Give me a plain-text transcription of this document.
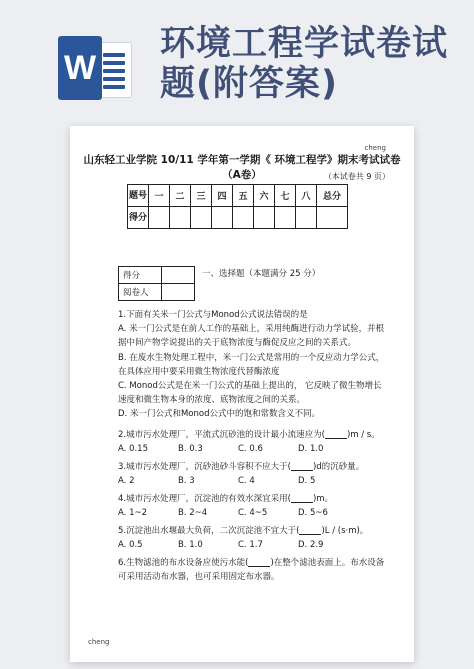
W
环境工程学试卷试题(附答案)
cheng
山东轻工业学院 10/11 学年第一学期《 环境工程学》期末考试试卷
（A卷）	（本试卷共 9 页）
题号	一	二	三	四	五	六	七	八	总分
得分									
得分	
阅卷人	
一、选择题（本题满分 25 分）

1.下面有关米一门公式与Monod公式说法错误的是

A. 米一门公式是在前人工作的基础上，采用纯酶进行动力学试验，并根据中间产物学说提出的关于底物浓度与酶促反应之间的关系式。

B. 在废水生物处理工程中，米一门公式是常用的一个反应动力学公式，在具体应用中要采用微生物浓度代替酶浓度

C. Monod公式是在米一门公式的基础上提出的， 它反映了微生物增长速度和微生物本身的浓度、底物浓度之间的关系。

D. 米一门公式和Monod公式中的饱和常数含义不同。

2.城市污水处理厂，平流式沉砂池的设计最小流速应为(	)m / s。

A. 0.15	B. 0.3	C. 0.6	D. 1.0

3.城市污水处理厂，沉砂池砂斗容积不应大于(	)d的沉砂量。

A. 2	B. 3	C. 4	D. 5

4.城市污水处理厂，沉淀池的有效水深宜采用(	)m。

A. 1~2	B. 2~4	C. 4~5	D. 5~6

5.沉淀池出水堰最大负荷，二次沉淀池不宜大于(	)L / (s·m)。

A. 0.5	B. 1.0	C. 1.7	D. 2.9

6.生物滤池的布水设备应使污水能(	)在整个滤池表面上。布水设备可采用活动布水器，也可采用固定布水器。

cheng
